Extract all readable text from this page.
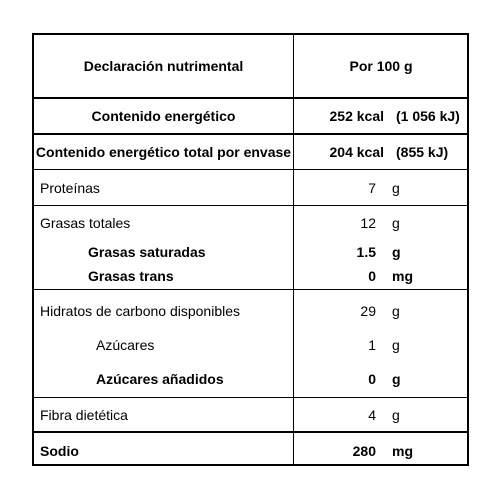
Declaración nutrimental	Por 100 g
Contenido energético	252 kcal (1 056 kJ)
Contenido energético total por envase	204 kcal (855 kJ)
Proteínas	7 g
Grasas totales	12 g
Grasas saturadas	1.5 g
Grasas trans	0 mg
Hidratos de carbono disponibles	29 g
Azúcares	1 g
Azúcares añadidos	0 g
Fibra dietética	4 g
Sodio	280 mg
